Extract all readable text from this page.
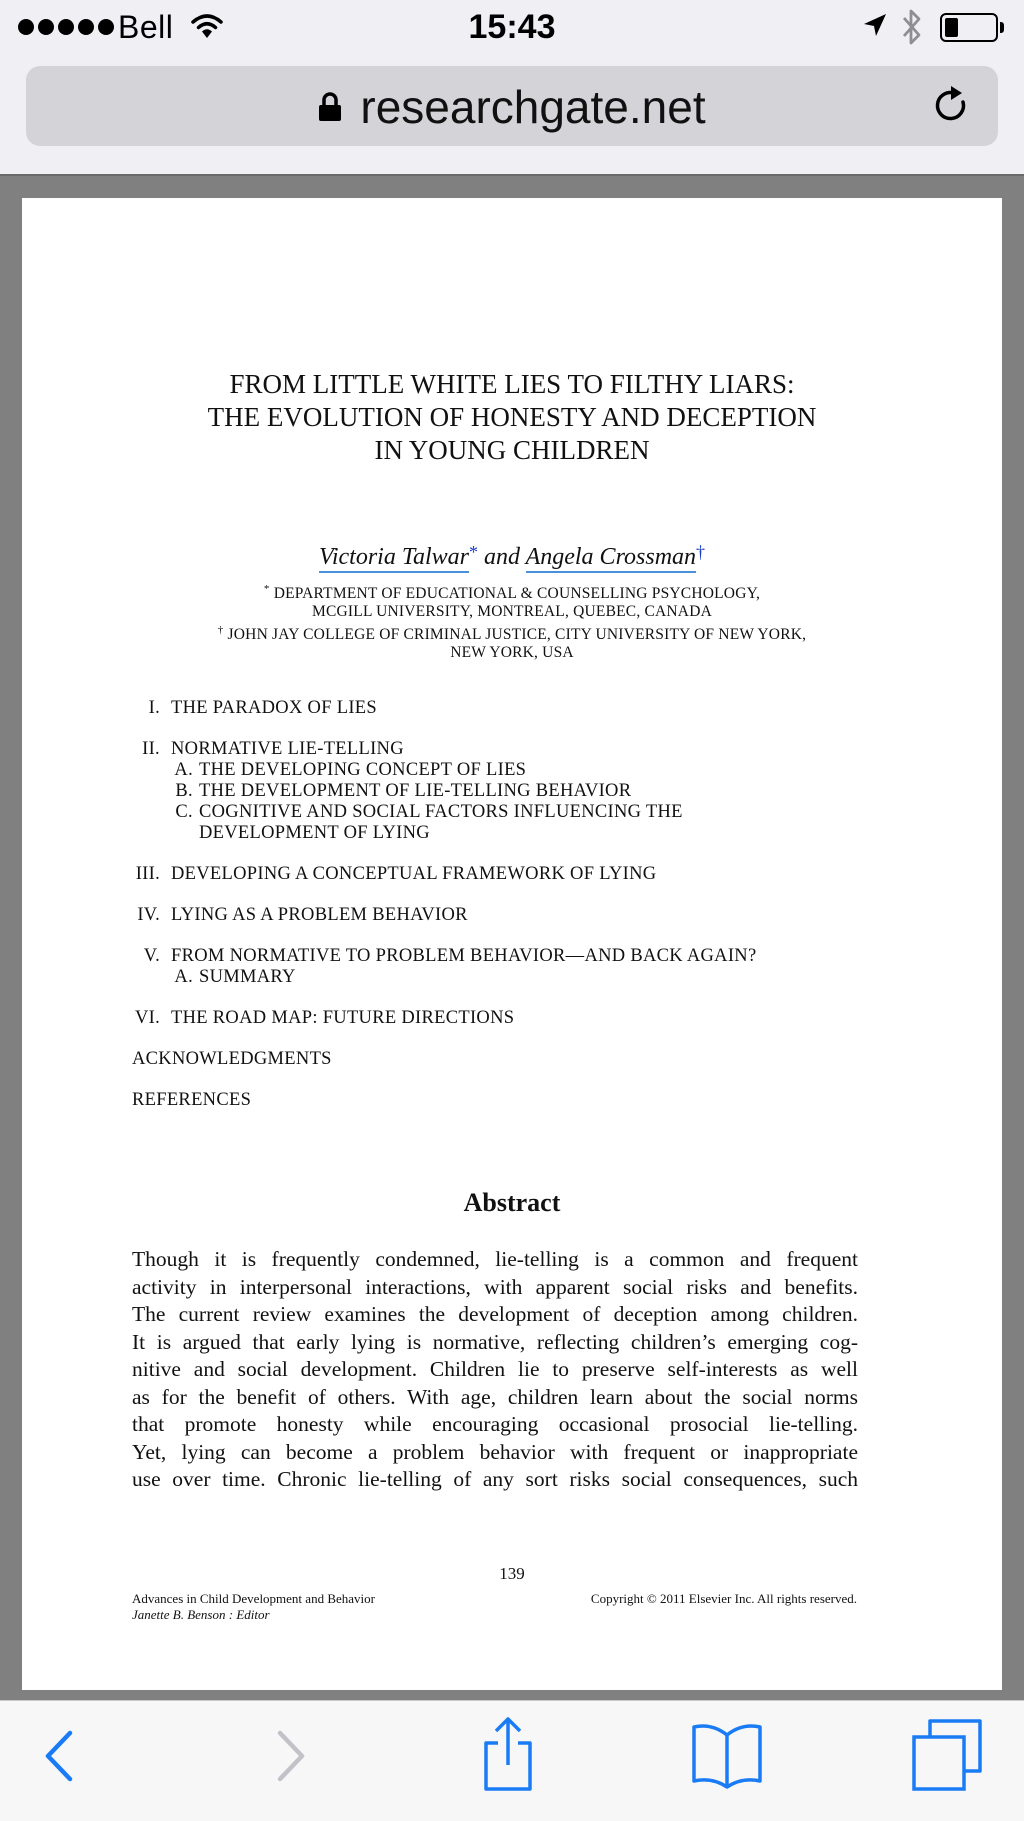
Bell	15:43
researchgate.net
FROM LITTLE WHITE LIES TO FILTHY LIARS:
THE EVOLUTION OF HONESTY AND DECEPTION
IN YOUNG CHILDREN
Victoria Talwar* and Angela Crossman†
* DEPARTMENT OF EDUCATIONAL & COUNSELLING PSYCHOLOGY,
MCGILL UNIVERSITY, MONTREAL, QUEBEC, CANADA
† JOHN JAY COLLEGE OF CRIMINAL JUSTICE, CITY UNIVERSITY OF NEW YORK,
NEW YORK, USA
I. THE PARADOX OF LIES
II. NORMATIVE LIE-TELLING
A. THE DEVELOPING CONCEPT OF LIES
B. THE DEVELOPMENT OF LIE-TELLING BEHAVIOR
C. COGNITIVE AND SOCIAL FACTORS INFLUENCING THE
DEVELOPMENT OF LYING
III. DEVELOPING A CONCEPTUAL FRAMEWORK OF LYING
IV. LYING AS A PROBLEM BEHAVIOR
V. FROM NORMATIVE TO PROBLEM BEHAVIOR—AND BACK AGAIN?
A. SUMMARY
VI. THE ROAD MAP: FUTURE DIRECTIONS
ACKNOWLEDGMENTS
REFERENCES
Abstract
Though it is frequently condemned, lie-telling is a common and frequent
activity in interpersonal interactions, with apparent social risks and benefits.
The current review examines the development of deception among children.
It is argued that early lying is normative, reflecting children’s emerging cog-
nitive and social development. Children lie to preserve self-interests as well
as for the benefit of others. With age, children learn about the social norms
that promote honesty while encouraging occasional prosocial lie-telling.
Yet, lying can become a problem behavior with frequent or inappropriate
use over time. Chronic lie-telling of any sort risks social consequences, such
139
Advances in Child Development and Behavior
Janette B. Benson : Editor
Copyright © 2011 Elsevier Inc. All rights reserved.
